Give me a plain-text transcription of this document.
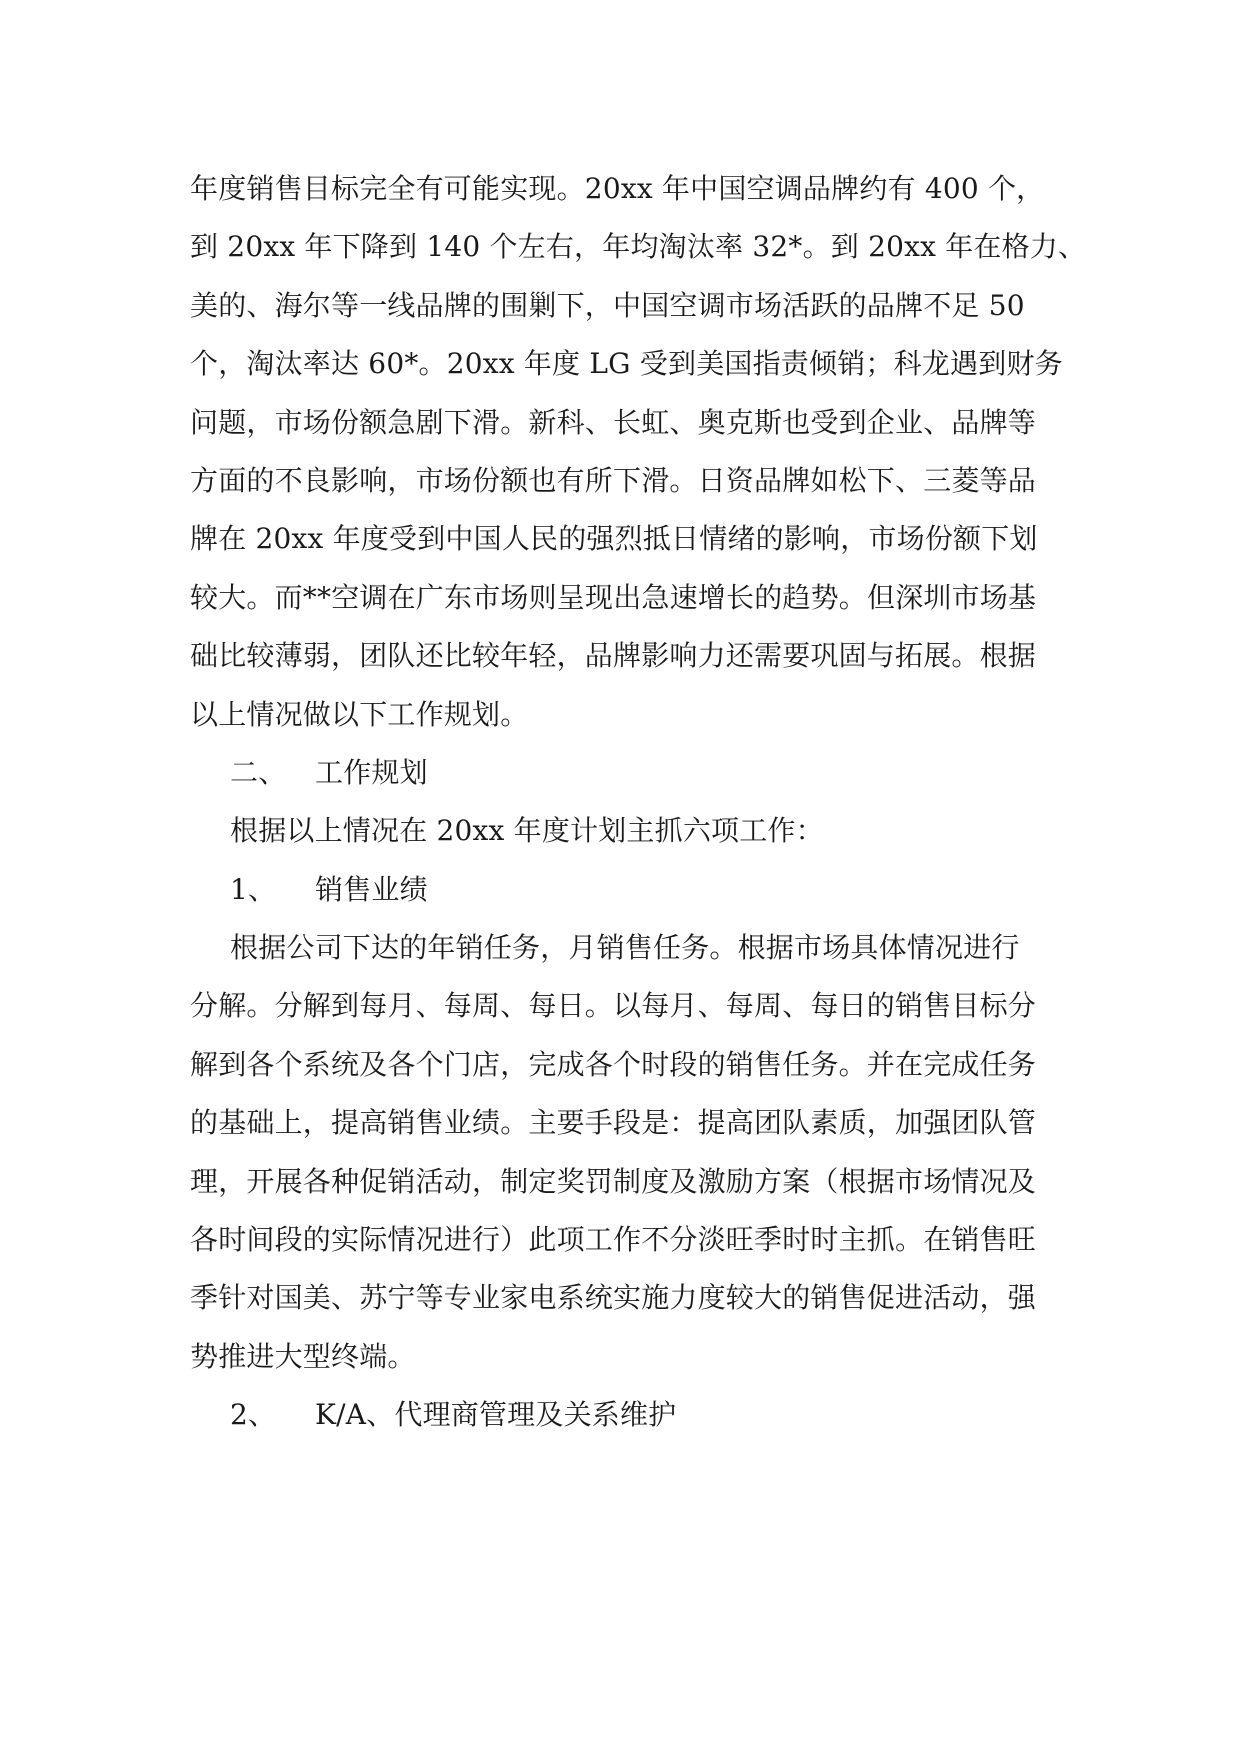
年度销售目标完全有可能实现。20xx 年中国空调品牌约有 400 个，
到 20xx 年下降到 140 个左右，年均淘汰率 32*。到 20xx 年在格力、
美的、海尔等一线品牌的围剿下，中国空调市场活跃的品牌不足 50
个，淘汰率达 60*。20xx 年度 LG 受到美国指责倾销；科龙遇到财务
问题，市场份额急剧下滑。新科、长虹、奥克斯也受到企业、品牌等
方面的不良影响，市场份额也有所下滑。日资品牌如松下、三菱等品
牌在 20xx 年度受到中国人民的强烈抵日情绪的影响，市场份额下划
较大。而**空调在广东市场则呈现出急速增长的趋势。但深圳市场基
础比较薄弱，团队还比较年轻，品牌影响力还需要巩固与拓展。根据
以上情况做以下工作规划。
二、	工作规划
根据以上情况在 20xx 年度计划主抓六项工作：
1、	销售业绩
根据公司下达的年销任务，月销售任务。根据市场具体情况进行
分解。分解到每月、每周、每日。以每月、每周、每日的销售目标分
解到各个系统及各个门店，完成各个时段的销售任务。并在完成任务
的基础上，提高销售业绩。主要手段是：提高团队素质，加强团队管
理，开展各种促销活动，制定奖罚制度及激励方案（根据市场情况及
各时间段的实际情况进行）此项工作不分淡旺季时时主抓。在销售旺
季针对国美、苏宁等专业家电系统实施力度较大的销售促进活动，强
势推进大型终端。
2、	K/A、代理商管理及关系维护
